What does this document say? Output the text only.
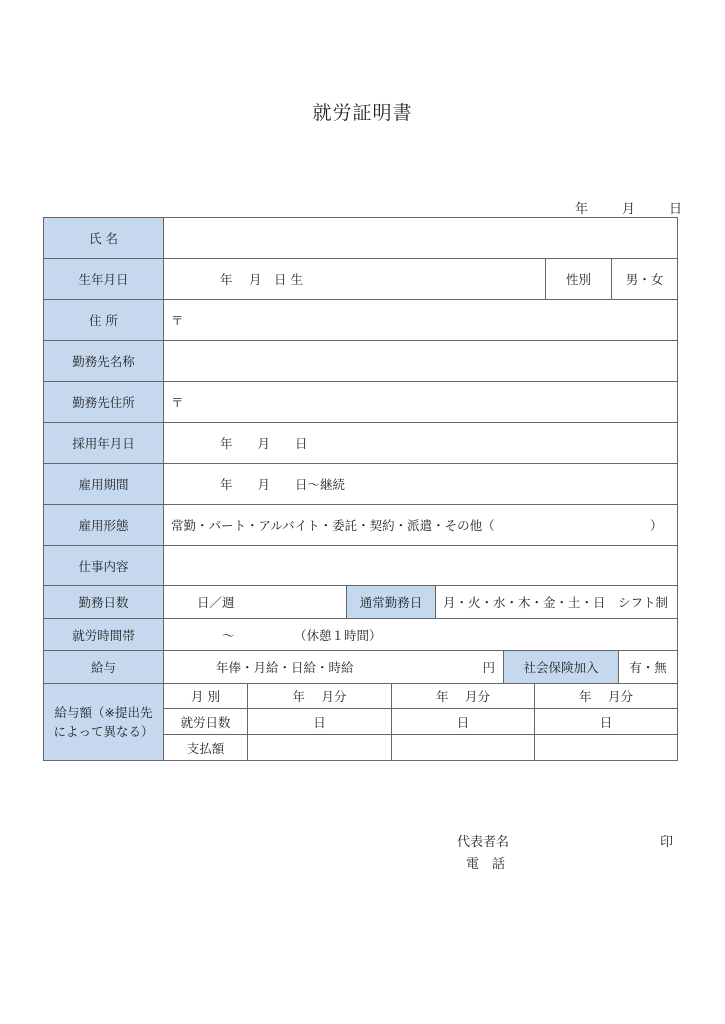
就労証明書
年	月	日
氏 名
生年月日	年　 月　日 生	性別	男・女
住 所	〒
勤務先名称
勤務先住所	〒
採用年月日	年　　月　　日
雇用期間	年　　月　　日〜継続
雇用形態	常勤・パート・アルバイト・委託・契約・派遣・その他（	）
仕事内容
勤務日数	日／週	通常勤務日	月・火・水・木・金・土・日　シフト制
就労時間帯	〜	（休憩１時間）
給与	年俸・月給・日給・時給	円	社会保険加入	有・無
給与額（※提出先によって異なる）
月 別	年　 月分	年　 月分	年　 月分
就労日数	日	日	日
支払額
代表者名	印
電　話
